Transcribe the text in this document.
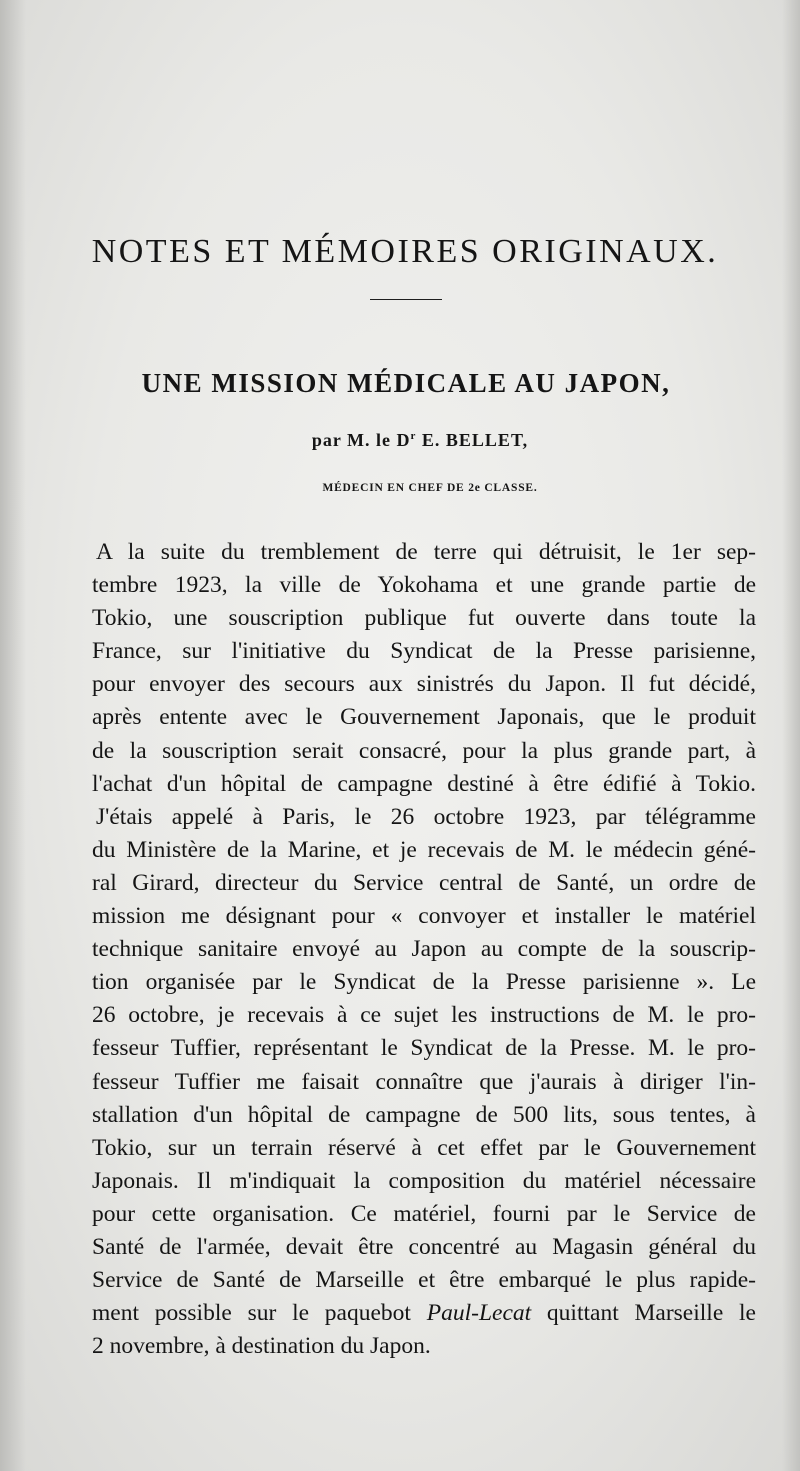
NOTES ET MÉMOIRES ORIGINAUX.
UNE MISSION MÉDICALE AU JAPON,
par M. le $D^r$ E. BELLET,
MÉDECIN EN CHEF DE 2e CLASSE.

A la suite du tremblement de terre qui détruisit, le 1er sep-
tembre 1923, la ville de Yokohama et une grande partie de
Tokio, une souscription publique fut ouverte dans toute la
France, sur l'initiative du Syndicat de la Presse parisienne,
pour envoyer des secours aux sinistrés du Japon. Il fut décidé,
après entente avec le Gouvernement Japonais, que le produit
de la souscription serait consacré, pour la plus grande part, à
l'achat d'un hôpital de campagne destiné à être édifié à Tokio.

J'étais appelé à Paris, le 26 octobre 1923, par télégramme
du Ministère de la Marine, et je recevais de M. le médecin géné-
ral Girard, directeur du Service central de Santé, un ordre de
mission me désignant pour « convoyer et installer le matériel
technique sanitaire envoyé au Japon au compte de la souscrip-
tion organisée par le Syndicat de la Presse parisienne ». Le
26 octobre, je recevais à ce sujet les instructions de M. le pro-
fesseur Tuffier, représentant le Syndicat de la Presse. M. le pro-
fesseur Tuffier me faisait connaître que j'aurais à diriger l'in-
stallation d'un hôpital de campagne de 500 lits, sous tentes, à
Tokio, sur un terrain réservé à cet effet par le Gouvernement
Japonais. Il m'indiquait la composition du matériel nécessaire
pour cette organisation. Ce matériel, fourni par le Service de
Santé de l'armée, devait être concentré au Magasin général du
Service de Santé de Marseille et être embarqué le plus rapide-
ment possible sur le paquebot Paul-Lecat quittant Marseille le
2 novembre, à destination du Japon.
